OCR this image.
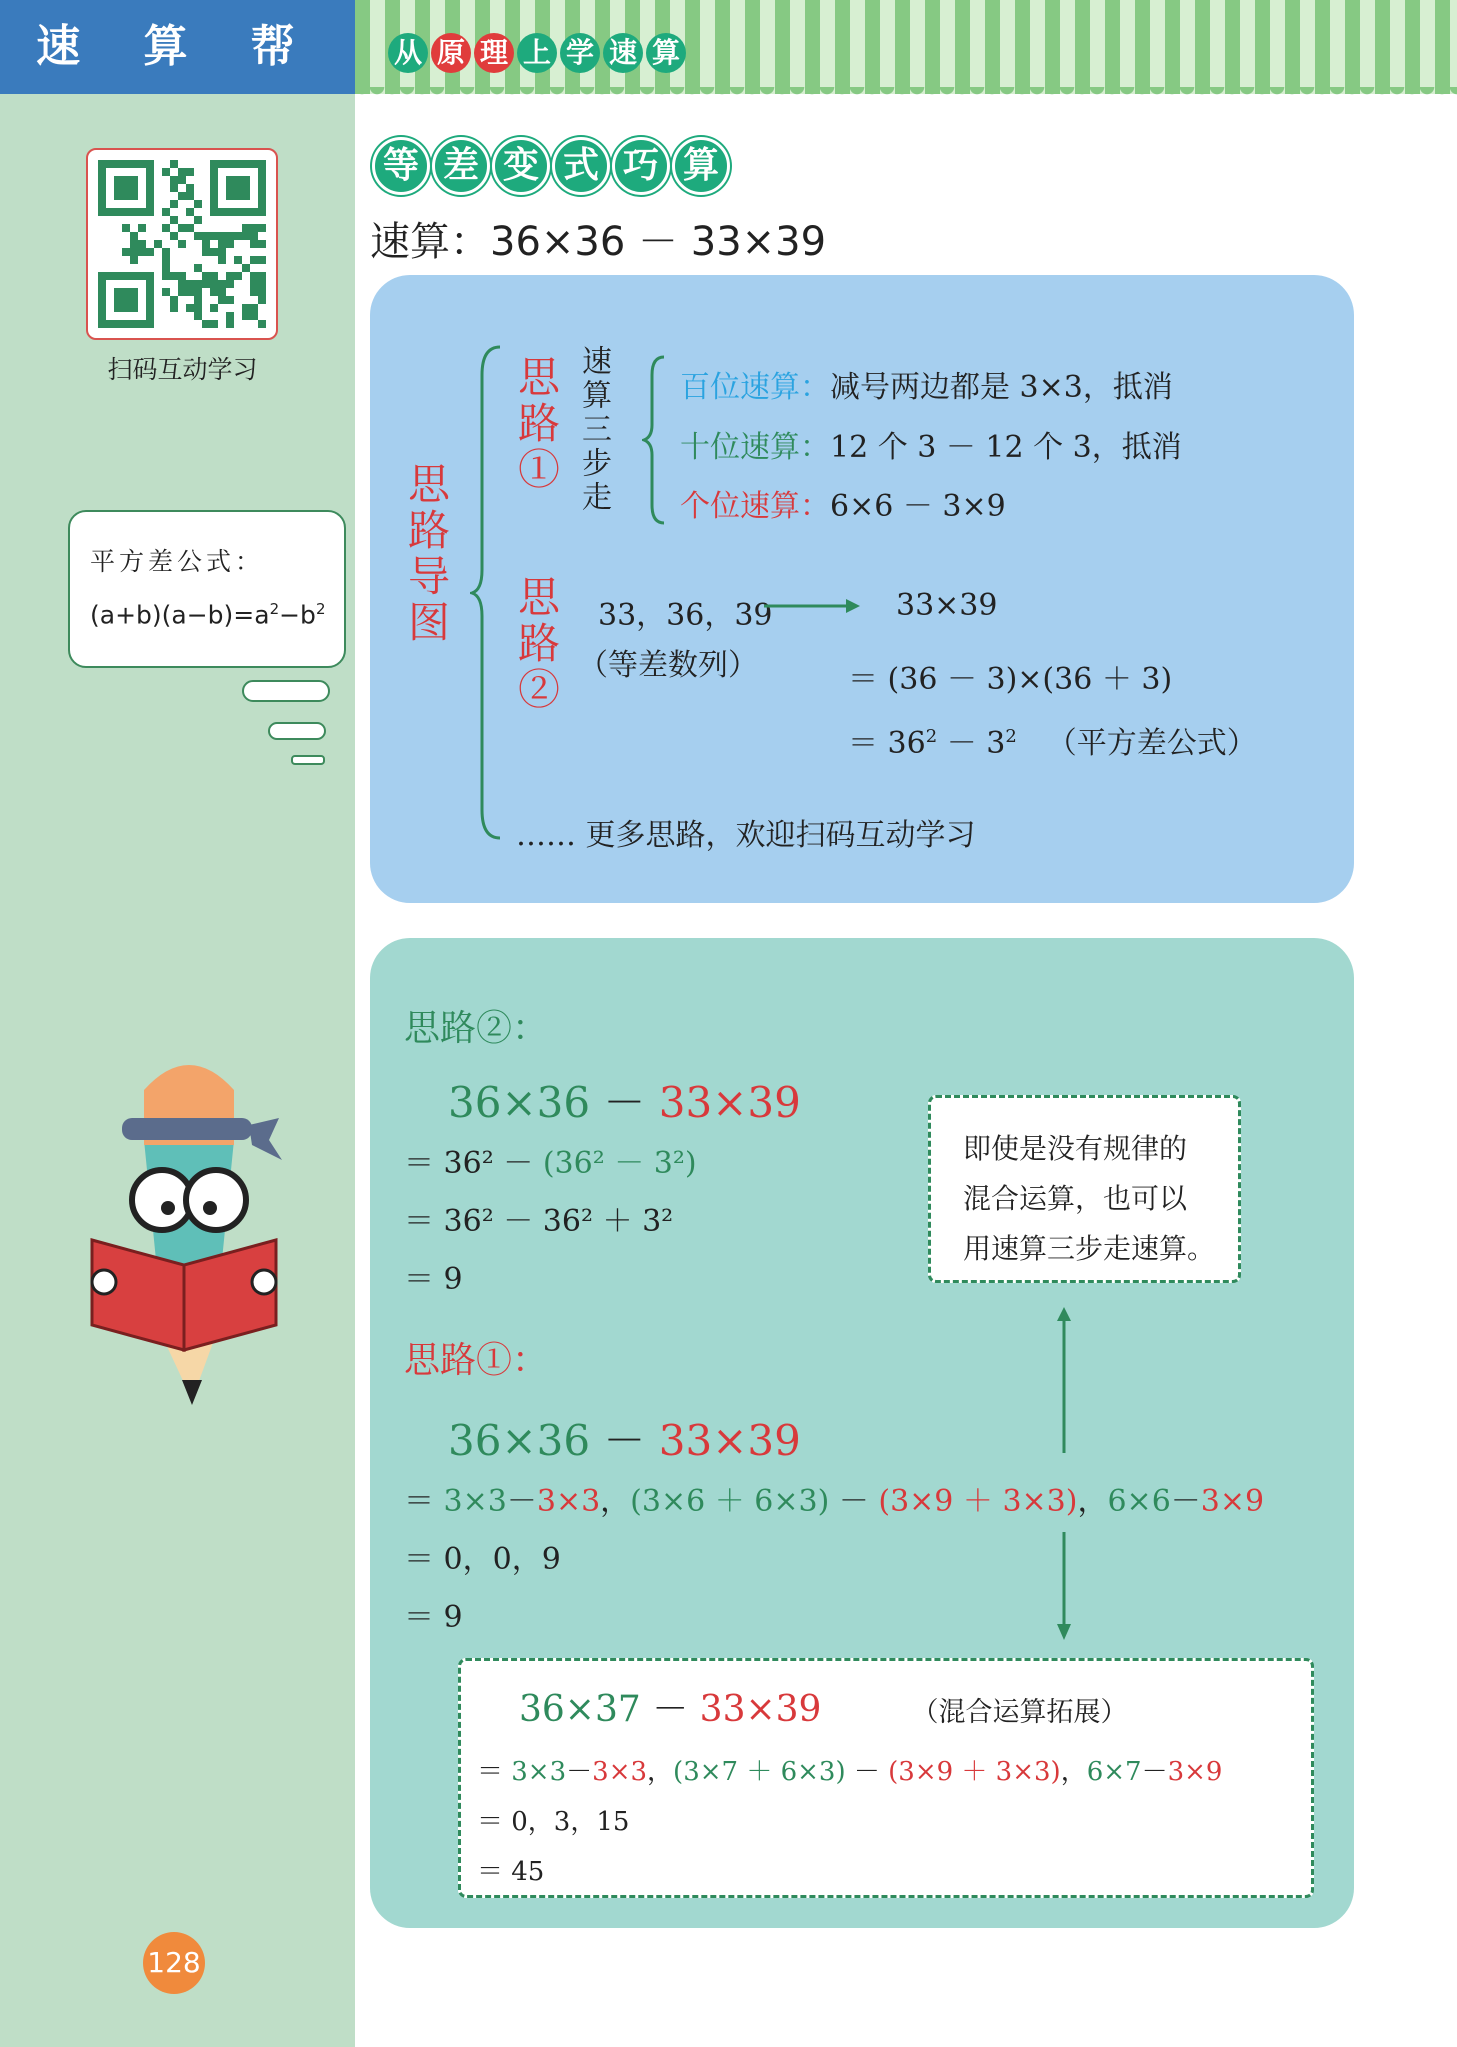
速 算 帮	从 原 理 上 学 速 算
扫码互动学习
平方差公式：
$(a+b)(a-b)=a^2-b^2$
128
等 差 变 式 巧 算
速算：36×36 － 33×39
思路导图
思路① 速算三步走 百位速算：减号两边都是 3×3，抵消
十位速算：12 个 3 － 12 个 3，抵消
个位速算：6×6 － 3×9
思路② 33，36，39
（等差数列）
33×39
＝ (36 － 3)×(36 ＋ 3)
＝ $36^2 - 3^2$ （平方差公式）
…… 更多思路，欢迎扫码互动学习
思路②：
36×36 － 33×39
＝ 36² － (36² － 3²)
＝ 36² － 36² ＋ 3²
＝ 9
即使是没有规律的
混合运算，也可以
用速算三步走速算。
思路①：
36×36 － 33×39
＝ 3×3－3×3，(3×6 ＋ 6×3) － (3×9 ＋ 3×3)，6×6－3×9
＝ 0，0，9
＝ 9
36×37 － 33×39	（混合运算拓展）
＝ 3×3－3×3，(3×7 ＋ 6×3) － (3×9 ＋ 3×3)，6×7－3×9
＝ 0，3，15
＝ 45
